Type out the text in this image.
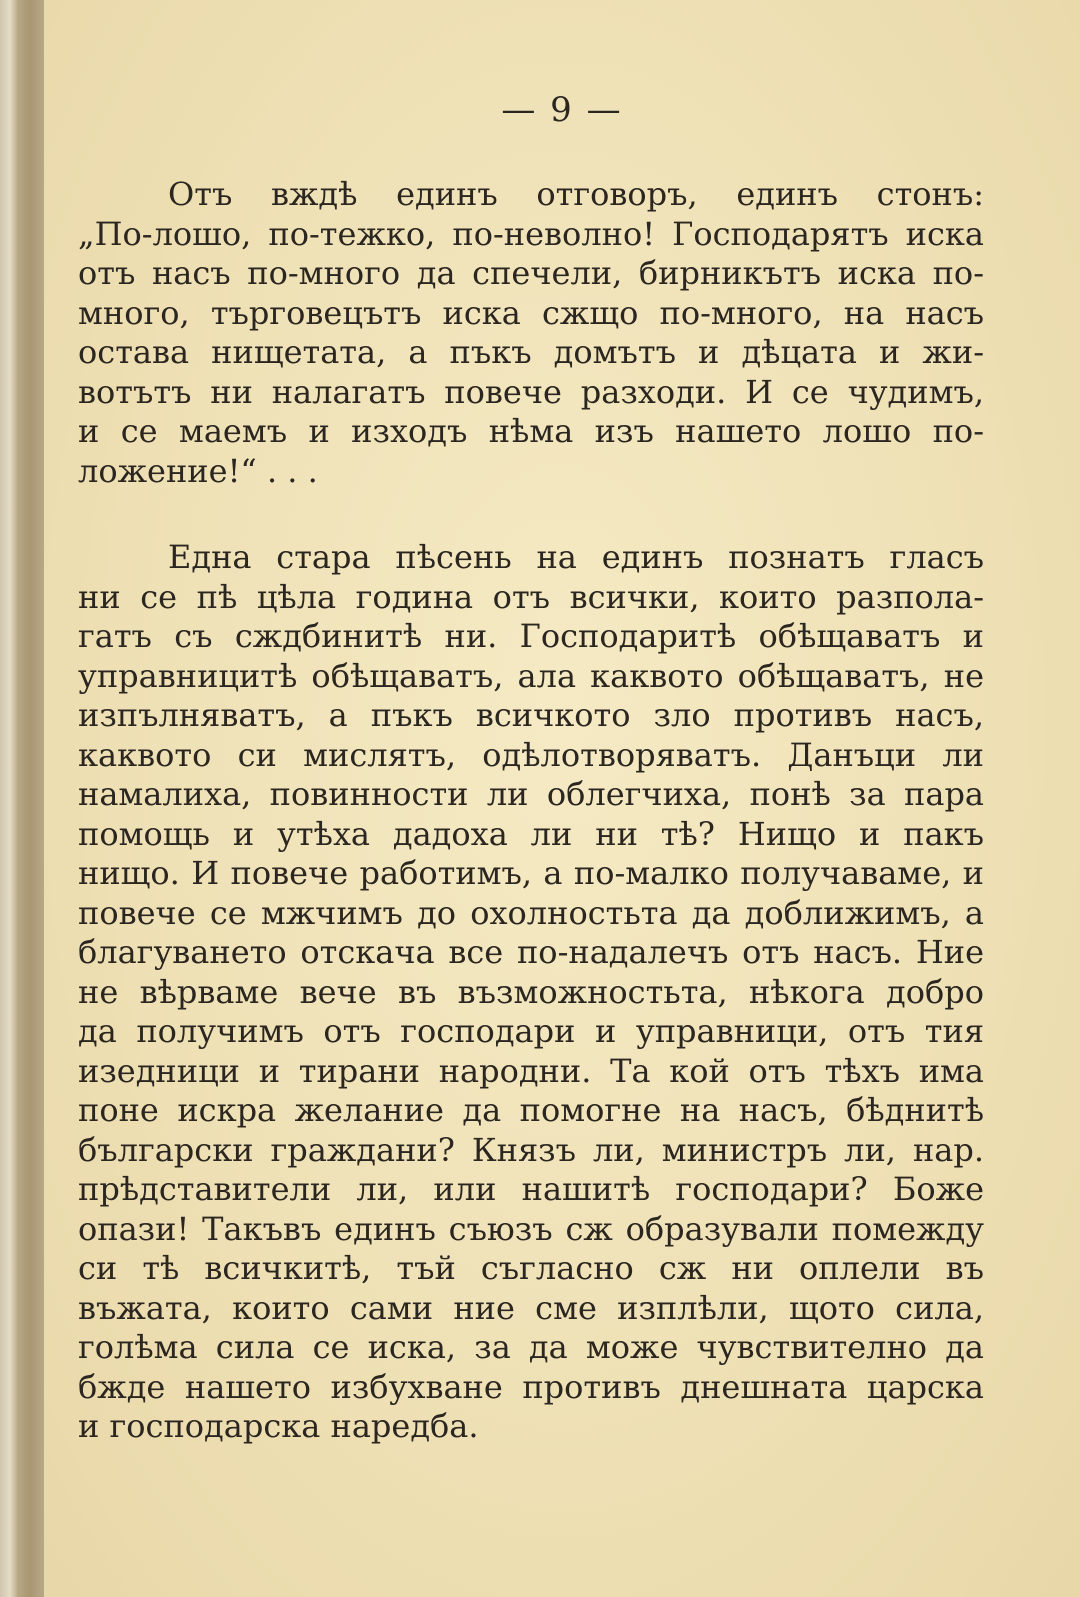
— 9 —
Отъ вждѣ единъ отговоръ, единъ стонъ:
„По-лошо, по-тежко, по-неволно! Господарятъ иска
отъ насъ по-много да спечели, бирникътъ иска по-
много, търговецътъ иска сжщо по-много, на насъ
остава нищетата, а пъкъ домътъ и дѣцата и жи-
вотътъ ни налагатъ повече разходи. И се чудимъ,
и се маемъ и изходъ нѣма изъ нашето лошо по-
ложение!“ . . .
Една стара пѣсень на единъ познатъ гласъ
ни се пѣ цѣла година отъ всички, които разпола-
гатъ съ сждбинитѣ ни. Господаритѣ обѣщаватъ и
управницитѣ обѣщаватъ, ала каквото обѣщаватъ, не
изпълняватъ, а пъкъ всичкото зло противъ насъ,
каквото си мислятъ, одѣлотворяватъ. Данъци ли
намалиха, повинности ли облегчиха, понѣ за пара
помощь и утѣха дадоха ли ни тѣ? Нищо и пакъ
нищо. И повече работимъ, а по-малко получаваме, и
повече се мжчимъ до охолностьта да доближимъ, а
благуването отскача все по-надалечъ отъ насъ. Ние
не вѣрваме вече въ възможностьта, нѣкога добро
да получимъ отъ господари и управници, отъ тия
изедници и тирани народни. Та кой отъ тѣхъ има
поне искра желание да помогне на насъ, бѣднитѣ
български граждани? Князъ ли, министръ ли, нар.
прѣдставители ли, или нашитѣ господари? Боже
опази! Такъвъ единъ съюзъ сж образували помежду
си тѣ всичкитѣ, тъй съгласно сж ни оплели въ
въжата, които сами ние сме изплѣли, щото сила,
голѣма сила се иска, за да може чувствително да
бжде нашето избухване противъ днешната царска
и господарска наредба.
